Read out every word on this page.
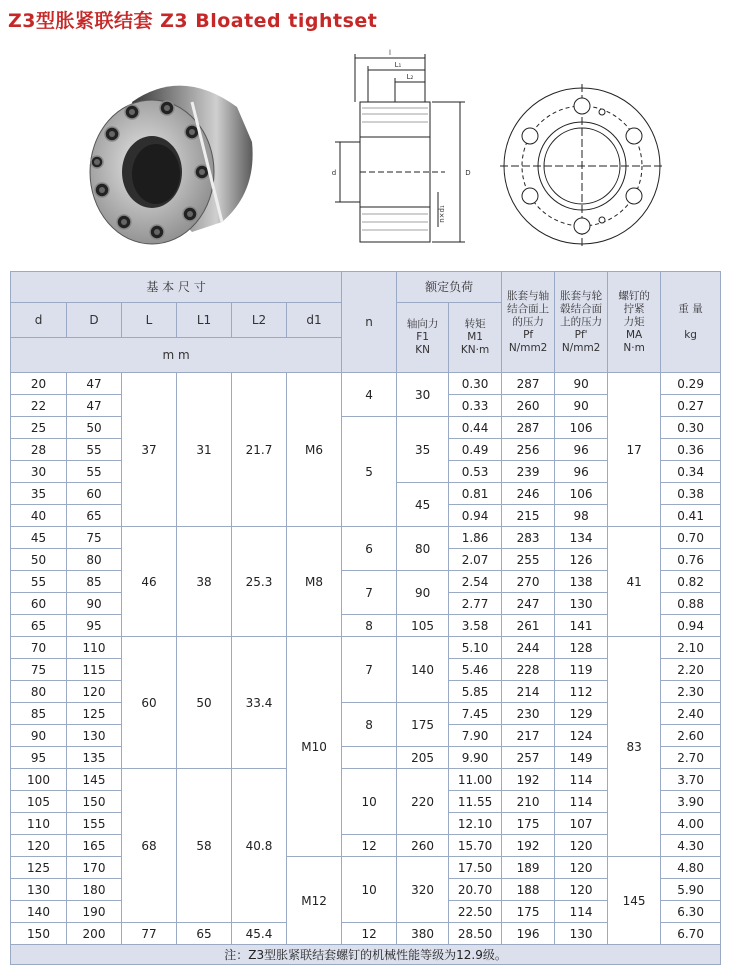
Z3型胀紧联结套 Z3 Bloated tightset
l
L₁
L₂
d	D
n×d₁
基 本 尺 寸						n	额定负荷		胀套与轴
结合面上
的压力
Pf
N/mm2	胀套与轮
毂结合面
上的压力
Pf'
N/mm2	螺钉的
拧紧
力矩
MA
N·m	重 量

kg
d	D	L	L1	L2	d1		轴向力
F1
KN	转矩
M1
KN·m				
m m												
20	47	37	31	21.7	M6	4	30	0.30	287	90	17	0.29
22	47							0.33	260	90		0.27
25	50					5	35	0.44	287	106		0.30
28	55							0.49	256	96		0.36
30	55							0.53	239	96		0.34
35	60						45	0.81	246	106		0.38
40	65							0.94	215	98		0.41
45	75	46	38	25.3	M8	6	80	1.86	283	134	41	0.70
50	80							2.07	255	126		0.76
55	85					7	90	2.54	270	138		0.82
60	90							2.77	247	130		0.88
65	95					8	105	3.58	261	141		0.94
70	110	60	50	33.4	M10	7	140	5.10	244	128	83	2.10
75	115							5.46	228	119		2.20
80	120							5.85	214	112		2.30
85	125					8	175	7.45	230	129		2.40
90	130							7.90	217	124		2.60
95	135						205	9.90	257	149		2.70
100	145	68	58	40.8		10	220	11.00	192	114		3.70
105	150							11.55	210	114		3.90
110	155							12.10	175	107		4.00
120	165					12	260	15.70	192	120		4.30
125	170				M12	10	320	17.50	189	120	145	4.80
130	180							20.70	188	120		5.90
140	190							22.50	175	114		6.30
150	200	77	65	45.4		12	380	28.50	196	130		6.70
注：Z3型胀紧联结套螺钉的机械性能等级为12.9级。												
